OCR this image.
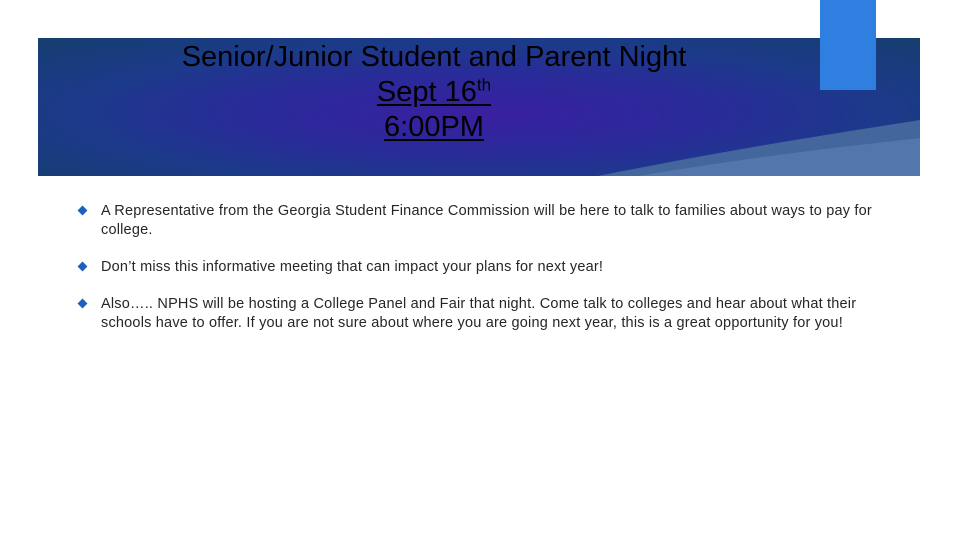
Senior/Junior Student and Parent Night
Sept 16th
6:00PM
A Representative from the Georgia Student Finance Commission will be here to talk to families about ways to pay for college.
Don’t miss this informative meeting that can impact your plans for next year!
Also….. NPHS will be hosting a College Panel and Fair that night. Come talk to colleges and hear about what their schools have to offer. If you are not sure about where you are going next year, this is a great opportunity for you!
